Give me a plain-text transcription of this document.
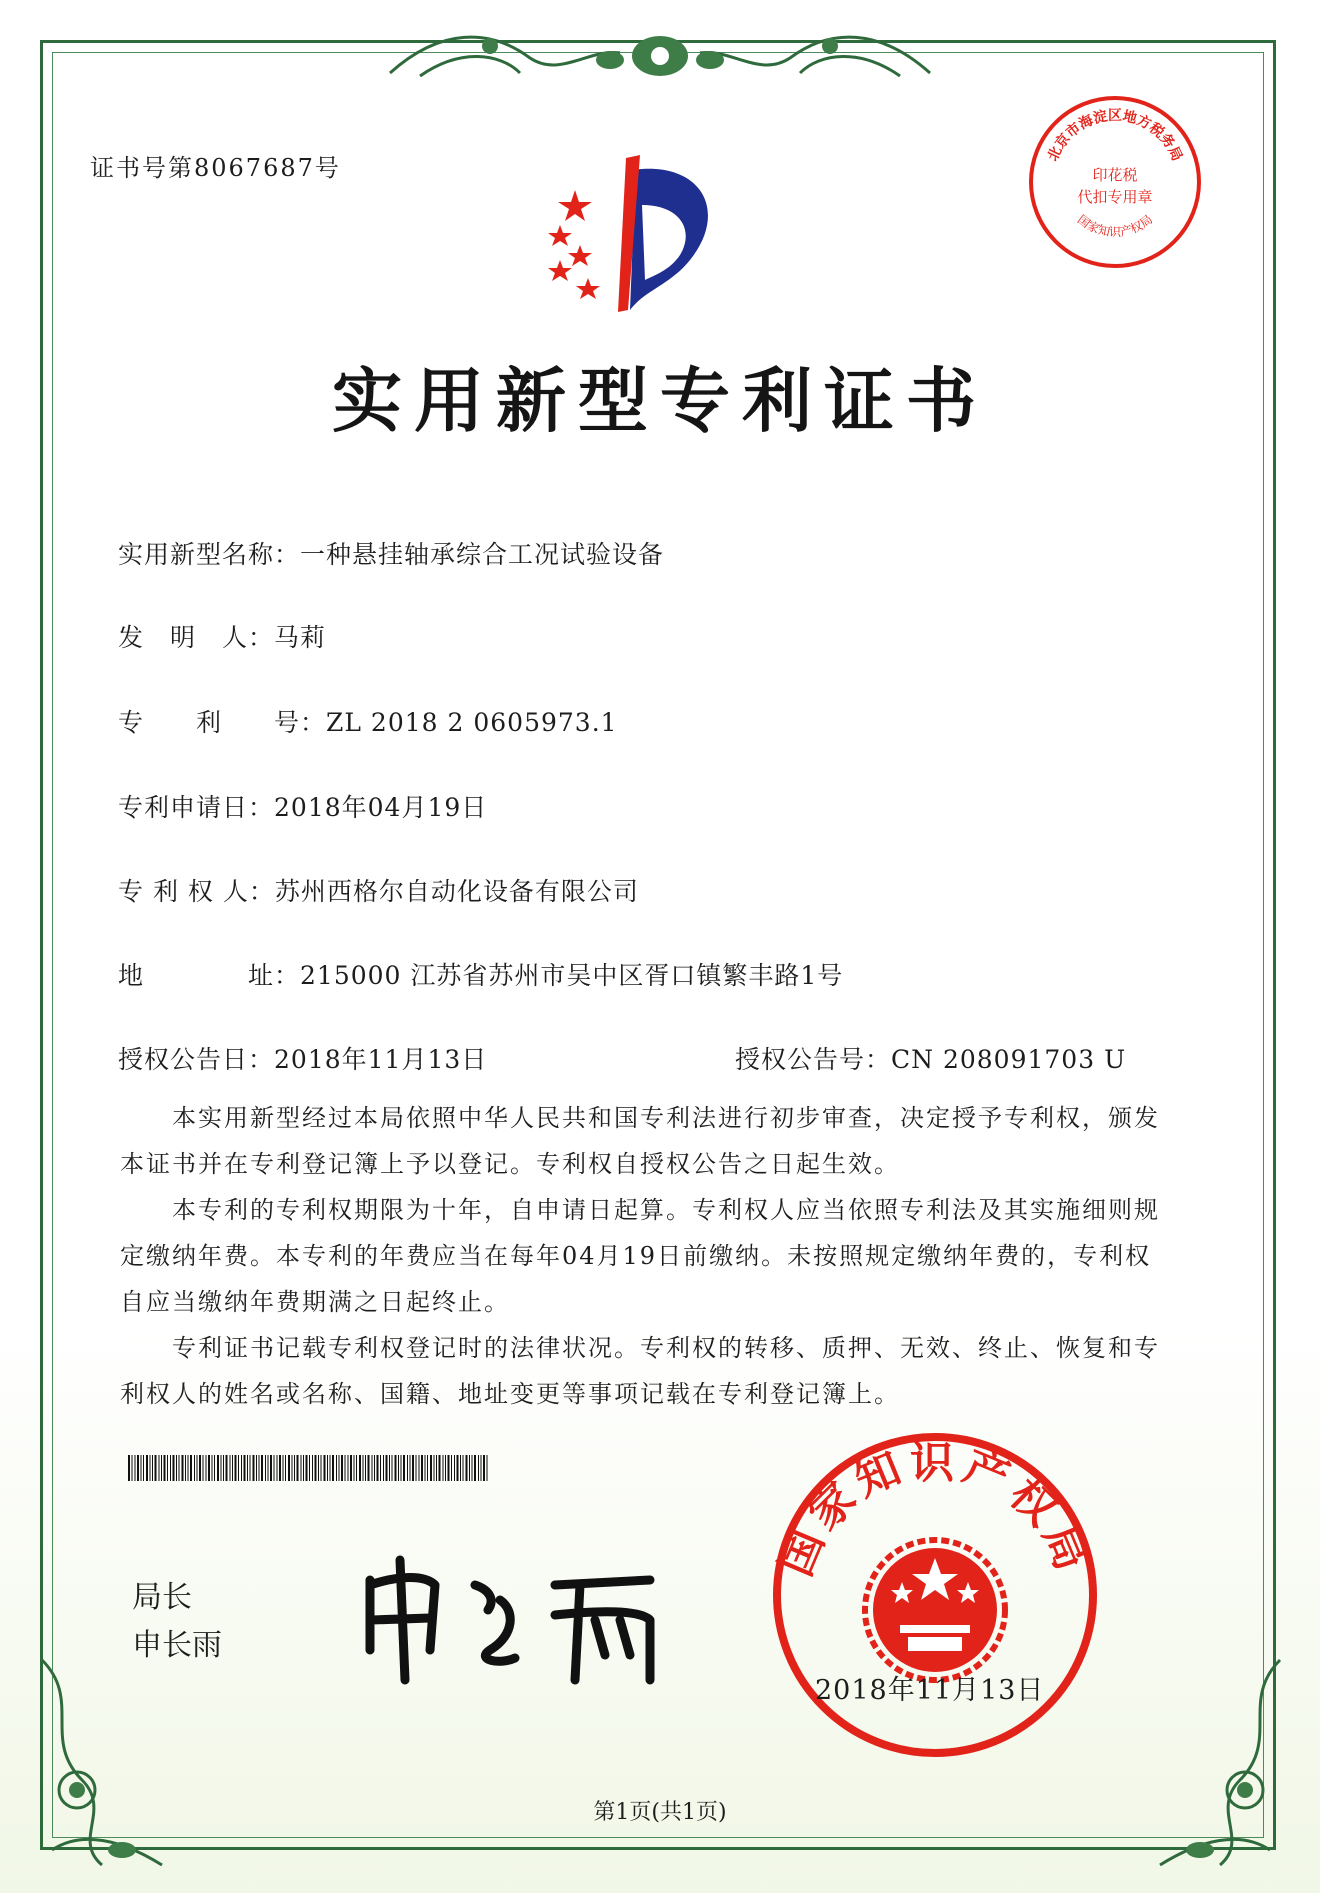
证书号第8067687号
北京市海淀区地方税务局
国家知识产权局
印花税
代扣专用章
实用新型专利证书
实用新型名称：一种悬挂轴承综合工况试验设备
发　明　人：马莉
专　　利　　号：ZL 2018 2 0605973.1
专利申请日：2018年04月19日
专 利 权 人：苏州西格尔自动化设备有限公司
地　　　　址：215000 江苏省苏州市吴中区胥口镇繁丰路1号
授权公告日：2018年11月13日	授权公告号：CN 208091703 U
本实用新型经过本局依照中华人民共和国专利法进行初步审查，决定授予专利权，颁发本证书并在专利登记簿上予以登记。专利权自授权公告之日起生效。
本专利的专利权期限为十年，自申请日起算。专利权人应当依照专利法及其实施细则规定缴纳年费。本专利的年费应当在每年04月19日前缴纳。未按照规定缴纳年费的，专利权自应当缴纳年费期满之日起终止。
专利证书记载专利权登记时的法律状况。专利权的转移、质押、无效、终止、恢复和专利权人的姓名或名称、国籍、地址变更等事项记载在专利登记簿上。
局长
申长雨
国家知识产权局
2018年11月13日
第1页(共1页)
